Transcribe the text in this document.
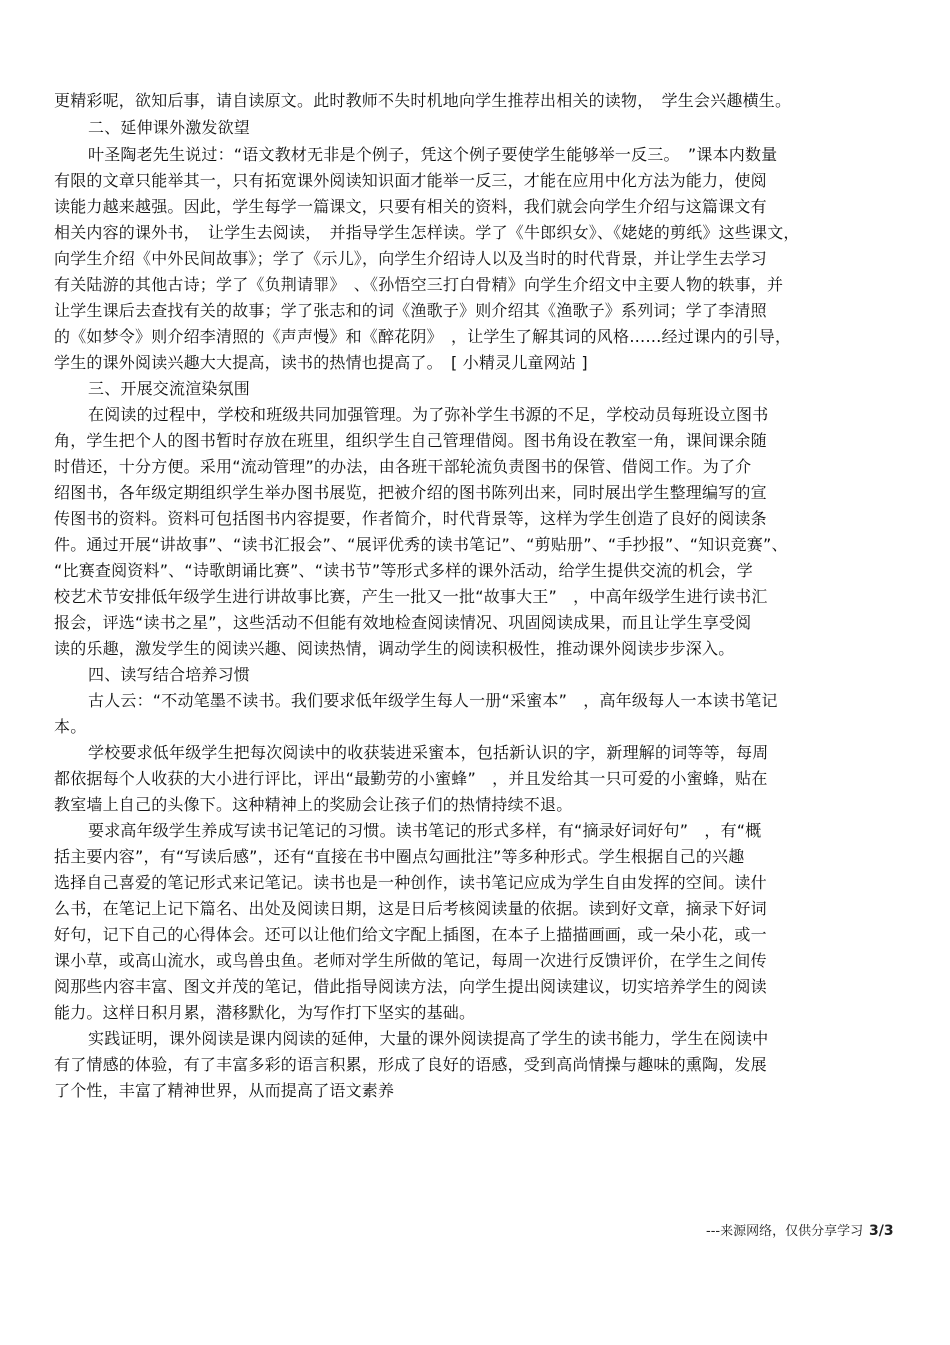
更精彩呢，欲知后事，请自读原文。此时教师不失时机地向学生推荐出相关的读物，　学生会兴趣横生。
二、延伸课外激发欲望
叶圣陶老先生说过：“语文教材无非是个例子，凭这个例子要使学生能够举一反三。　”课本内数量
有限的文章只能举其一，只有拓宽课外阅读知识面才能举一反三，才能在应用中化方法为能力，使阅
读能力越来越强。因此，学生每学一篇课文，只要有相关的资料，我们就会向学生介绍与这篇课文有
相关内容的课外书，　让学生去阅读，　并指导学生怎样读。学了《牛郎织女》、《姥姥的剪纸》这些课文，
向学生介绍《中外民间故事》；学了《示儿》，向学生介绍诗人以及当时的时代背景，并让学生去学习
有关陆游的其他古诗；学了《负荆请罪》　、《孙悟空三打白骨精》向学生介绍文中主要人物的轶事，并
让学生课后去查找有关的故事；学了张志和的词《渔歌子》则介绍其《渔歌子》系列词；学了李清照
的《如梦令》则介绍李清照的《声声慢》和《醉花阴》　，让学生了解其词的风格……经过课内的引导，
学生的课外阅读兴趣大大提高，读书的热情也提高了。　[ 小精灵儿童网站 ]
三、开展交流渲染氛围
在阅读的过程中，学校和班级共同加强管理。为了弥补学生书源的不足，学校动员每班设立图书
角，学生把个人的图书暂时存放在班里，组织学生自己管理借阅。图书角设在教室一角，课间课余随
时借还，十分方便。采用“流动管理”的办法，由各班干部轮流负责图书的保管、借阅工作。为了介
绍图书，各年级定期组织学生举办图书展览，把被介绍的图书陈列出来，同时展出学生整理编写的宣
传图书的资料。资料可包括图书内容提要，作者简介，时代背景等，这样为学生创造了良好的阅读条
件。通过开展“讲故事”、“读书汇报会”、“展评优秀的读书笔记”、“剪贴册”、“手抄报”、“知识竞赛”、
“比赛查阅资料”、“诗歌朗诵比赛”、“读书节”等形式多样的课外活动，给学生提供交流的机会，学
校艺术节安排低年级学生进行讲故事比赛，产生一批又一批“故事大王”　，中高年级学生进行读书汇
报会，评选“读书之星”，这些活动不但能有效地检查阅读情况、巩固阅读成果，而且让学生享受阅
读的乐趣，激发学生的阅读兴趣、阅读热情，调动学生的阅读积极性，推动课外阅读步步深入。
四、读写结合培养习惯
古人云：“不动笔墨不读书。我们要求低年级学生每人一册“采蜜本”　，高年级每人一本读书笔记
本。
学校要求低年级学生把每次阅读中的收获装进采蜜本，包括新认识的字，新理解的词等等，每周
都依据每个人收获的大小进行评比，评出“最勤劳的小蜜蜂”　，并且发给其一只可爱的小蜜蜂，贴在
教室墙上自己的头像下。这种精神上的奖励会让孩子们的热情持续不退。
要求高年级学生养成写读书记笔记的习惯。读书笔记的形式多样，有“摘录好词好句”　，有“概
括主要内容”，有“写读后感”，还有“直接在书中圈点勾画批注”等多种形式。学生根据自己的兴趣
选择自己喜爱的笔记形式来记笔记。读书也是一种创作，读书笔记应成为学生自由发挥的空间。读什
么书，在笔记上记下篇名、出处及阅读日期，这是日后考核阅读量的依据。读到好文章，摘录下好词
好句，记下自己的心得体会。还可以让他们给文字配上插图，在本子上描描画画，或一朵小花，或一
课小草，或高山流水，或鸟兽虫鱼。老师对学生所做的笔记，每周一次进行反馈评价，在学生之间传
阅那些内容丰富、图文并茂的笔记，借此指导阅读方法，向学生提出阅读建议，切实培养学生的阅读
能力。这样日积月累，潜移默化，为写作打下坚实的基础。
实践证明，课外阅读是课内阅读的延伸，大量的课外阅读提高了学生的读书能力，学生在阅读中
有了情感的体验，有了丰富多彩的语言积累，形成了良好的语感，受到高尚情操与趣味的熏陶，发展
了个性，丰富了精神世界，从而提高了语文素养
---来源网络，仅供分享学习 3/3
